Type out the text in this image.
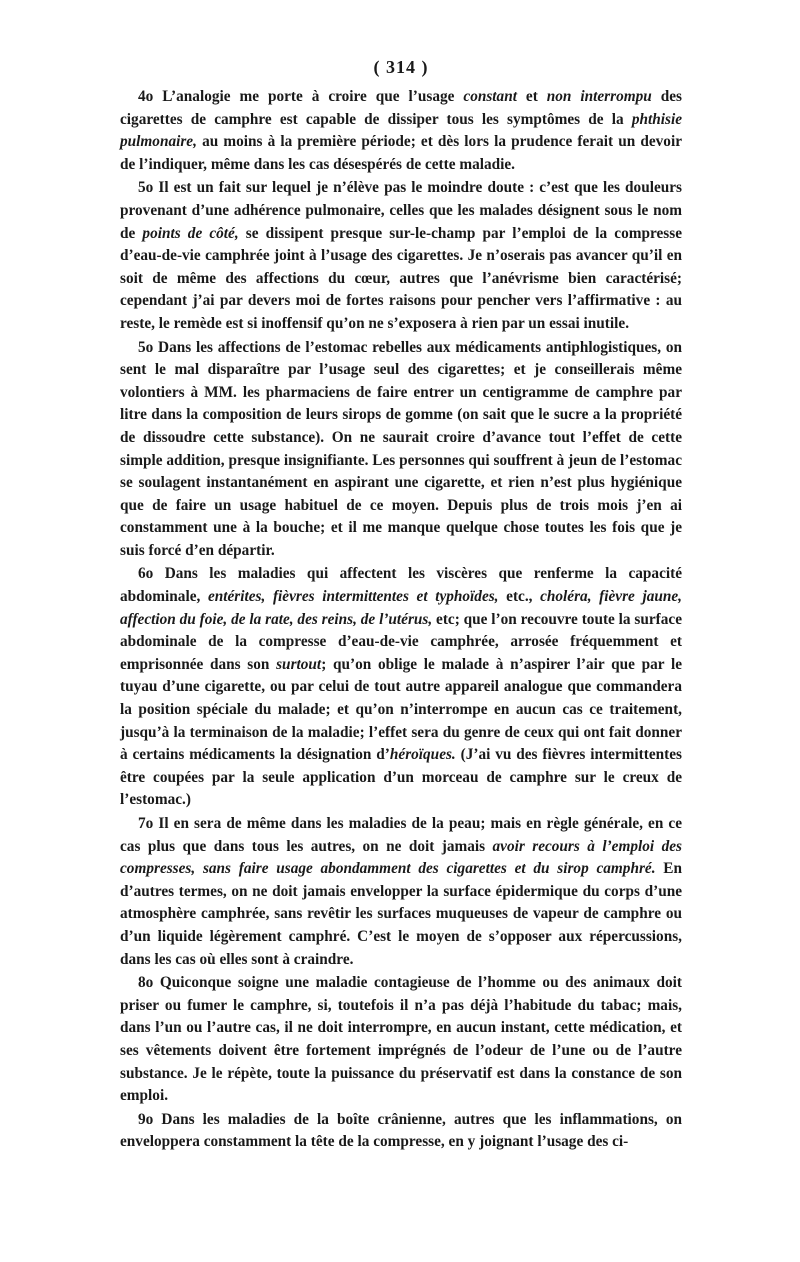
( 314 )

4o L’analogie me porte à croire que l’usage constant et non interrompu des cigarettes de camphre est capable de dissiper tous les symptômes de la phthisie pulmonaire, au moins à la première période; et dès lors la prudence ferait un devoir de l’indiquer, même dans les cas désespérés de cette maladie.

5o Il est un fait sur lequel je n’élève pas le moindre doute : c’est que les douleurs provenant d’une adhérence pulmonaire, celles que les malades désignent sous le nom de points de côté, se dissipent presque sur-le-champ par l’emploi de la compresse d’eau-de-vie camphrée joint à l’usage des cigarettes. Je n’oserais pas avancer qu’il en soit de même des affections du cœur, autres que l’anévrisme bien caractérisé; cependant j’ai par devers moi de fortes raisons pour pencher vers l’affirmative : au reste, le remède est si inoffensif qu’on ne s’exposera à rien par un essai inutile.

5o Dans les affections de l’estomac rebelles aux médicaments antiphlogistiques, on sent le mal disparaître par l’usage seul des cigarettes; et je conseillerais même volontiers à MM. les pharmaciens de faire entrer un centigramme de camphre par litre dans la composition de leurs sirops de gomme (on sait que le sucre a la propriété de dissoudre cette substance). On ne saurait croire d’avance tout l’effet de cette simple addition, presque insignifiante. Les personnes qui souffrent à jeun de l’estomac se soulagent instantanément en aspirant une cigarette, et rien n’est plus hygiénique que de faire un usage habituel de ce moyen. Depuis plus de trois mois j’en ai constamment une à la bouche; et il me manque quelque chose toutes les fois que je suis forcé d’en départir.

6o Dans les maladies qui affectent les viscères que renferme la capacité abdominale, entérites, fièvres intermittentes et typhoïdes, etc., choléra, fièvre jaune, affection du foie, de la rate, des reins, de l’utérus, etc; que l’on recouvre toute la surface abdominale de la compresse d’eau-de-vie camphrée, arrosée fréquemment et emprisonnée dans son surtout; qu’on oblige le malade à n’aspirer l’air que par le tuyau d’une cigarette, ou par celui de tout autre appareil analogue que commandera la position spéciale du malade; et qu’on n’interrompe en aucun cas ce traitement, jusqu’à la terminaison de la maladie; l’effet sera du genre de ceux qui ont fait donner à certains médicaments la désignation d’héroïques. (J’ai vu des fièvres intermittentes être coupées par la seule application d’un morceau de camphre sur le creux de l’estomac.)

7o Il en sera de même dans les maladies de la peau; mais en règle générale, en ce cas plus que dans tous les autres, on ne doit jamais avoir recours à l’emploi des compresses, sans faire usage abondamment des cigarettes et du sirop camphré. En d’autres termes, on ne doit jamais envelopper la surface épidermique du corps d’une atmosphère camphrée, sans revêtir les surfaces muqueuses de vapeur de camphre ou d’un liquide légèrement camphré. C’est le moyen de s’opposer aux répercussions, dans les cas où elles sont à craindre.

8o Quiconque soigne une maladie contagieuse de l’homme ou des animaux doit priser ou fumer le camphre, si, toutefois il n’a pas déjà l’habitude du tabac; mais, dans l’un ou l’autre cas, il ne doit interrompre, en aucun instant, cette médication, et ses vêtements doivent être fortement imprégnés de l’odeur de l’une ou de l’autre substance. Je le répète, toute la puissance du préservatif est dans la constance de son emploi.

9o Dans les maladies de la boîte crânienne, autres que les inflammations, on enveloppera constamment la tête de la compresse, en y joignant l’usage des ci-
